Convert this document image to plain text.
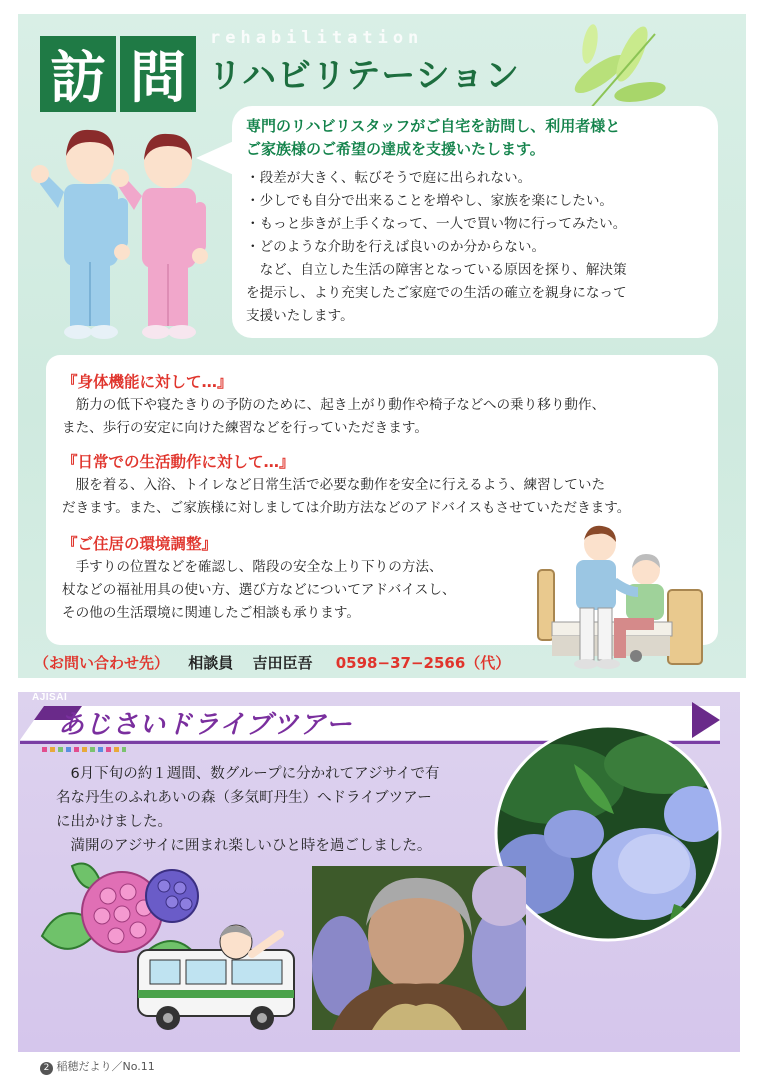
訪 問
rehabilitation
リハビリテーション
専門のリハビリスタッフがご自宅を訪問し、利用者様と
ご家族様のご希望の達成を支援いたします。
・段差が大きく、転びそうで庭に出られない。
・少しでも自分で出来ることを増やし、家族を楽にしたい。
・もっと歩きが上手くなって、一人で買い物に行ってみたい。
・どのような介助を行えば良いのか分からない。
　など、自立した生活の障害となっている原因を探り、解決策
を提示し、より充実したご家庭での生活の確立を親身になって
支援いたします。
『身体機能に対して…』
　筋力の低下や寝たきりの予防のために、起き上がり動作や椅子などへの乗り移り動作、
また、歩行の安定に向けた練習などを行っていただきます。
『日常での生活動作に対して…』
　服を着る、入浴、トイレなど日常生活で必要な動作を安全に行えるよう、練習していた
だきます。また、ご家族様に対しましては介助方法などのアドバイスもさせていただきます。
『ご住居の環境調整』
　手すりの位置などを確認し、階段の安全な上り下りの方法、
杖などの福祉用具の使い方、選び方などについてアドバイスし、
その他の生活環境に関連したご相談も承ります。
（お問い合わせ先） 相談員 吉田臣吾 0598−37−2566（代）
AJISAI
あじさいドライブツアー
　6月下旬の約１週間、数グループに分かれてアジサイで有
名な丹生のふれあいの森（多気町丹生）へドライブツアー
に出かけました。
　満開のアジサイに囲まれ楽しいひと時を過ごしました。
2 稲穂だより／No.11
